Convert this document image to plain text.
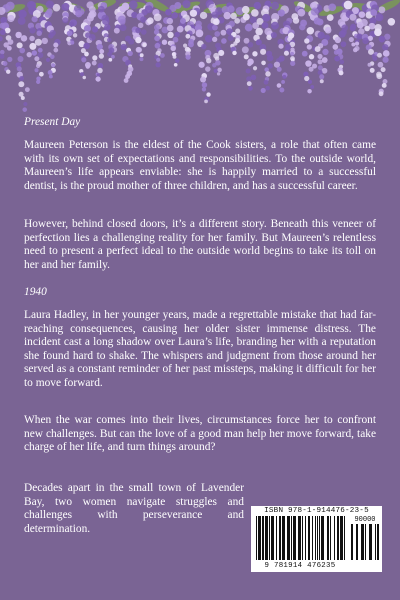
Present Day

Maureen Peterson is the eldest of the Cook sisters, a role that often came with its own set of expectations and responsibilities. To the outside world, Maureen’s life appears enviable: she is happily married to a successful dentist, is the proud mother of three children, and has a successful career.

However, behind closed doors, it’s a different story. Beneath this veneer of perfection lies a challenging reality for her family. But Maureen’s relentless need to present a perfect ideal to the outside world begins to take its toll on her and her family.

1940

Laura Hadley, in her younger years, made a regrettable mistake that had far-reaching consequences, causing her older sister immense distress. The incident cast a long shadow over Laura’s life, branding her with a reputation she found hard to shake. The whispers and judgment from those around her served as a constant reminder of her past missteps, making it difficult for her to move forward.

When the war comes into their lives, circumstances force her to confront new challenges. But can the love of a good man help her move forward, take charge of her life, and turn things around?

Decades apart in the small town of Lavender Bay, two women navigate struggles and challenges with perseverance and determination.

ISBN 978-1-914476-23-5
90000
9 781914 476235
